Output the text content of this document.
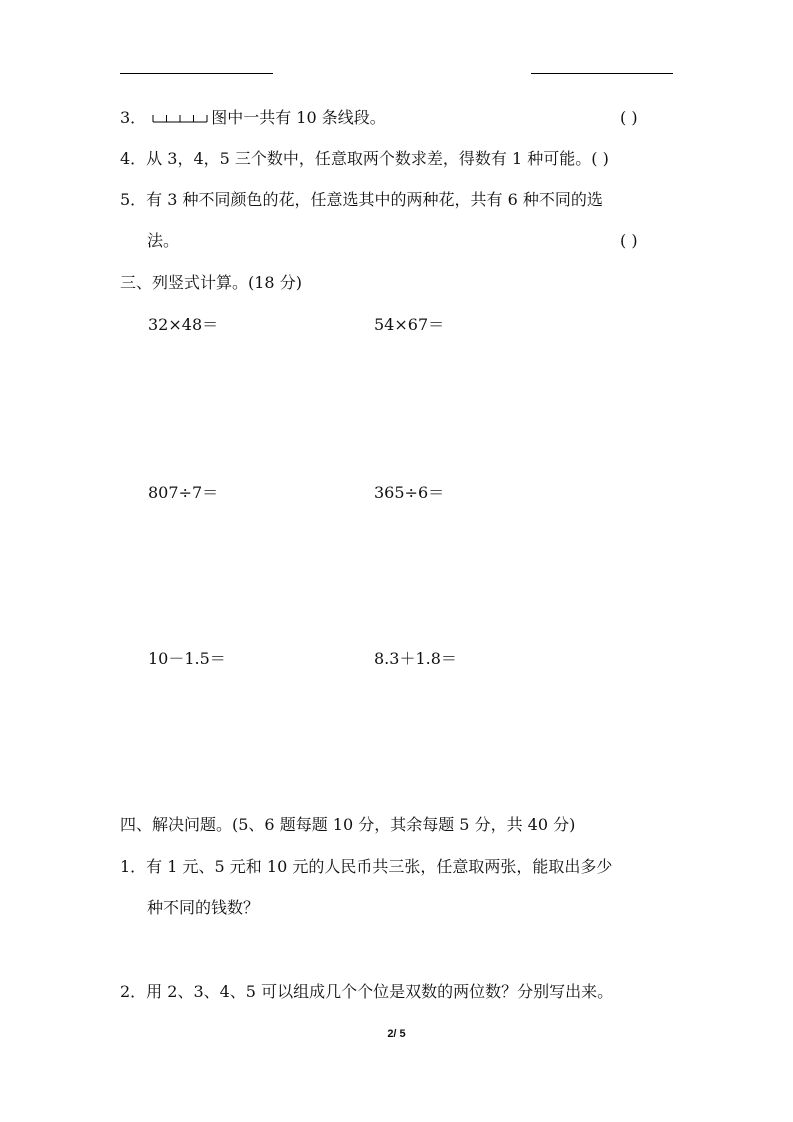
3．	图中一共有 10 条线段。	( )
4．从 3，4，5 三个数中，任意取两个数求差，得数有 1 种可能。( )
5．有 3 种不同颜色的花，任意选其中的两种花，共有 6 种不同的选
法。	( )
三、列竖式计算。(18 分)
32×48＝	54×67＝
807÷7＝	365÷6＝
10－1.5＝	8.3＋1.8＝
四、解决问题。(5、6 题每题 10 分，其余每题 5 分，共 40 分)
1．有 1 元、5 元和 10 元的人民币共三张，任意取两张，能取出多少
种不同的钱数？
2．用 2、3、4、5 可以组成几个个位是双数的两位数？分别写出来。
2/ 5
